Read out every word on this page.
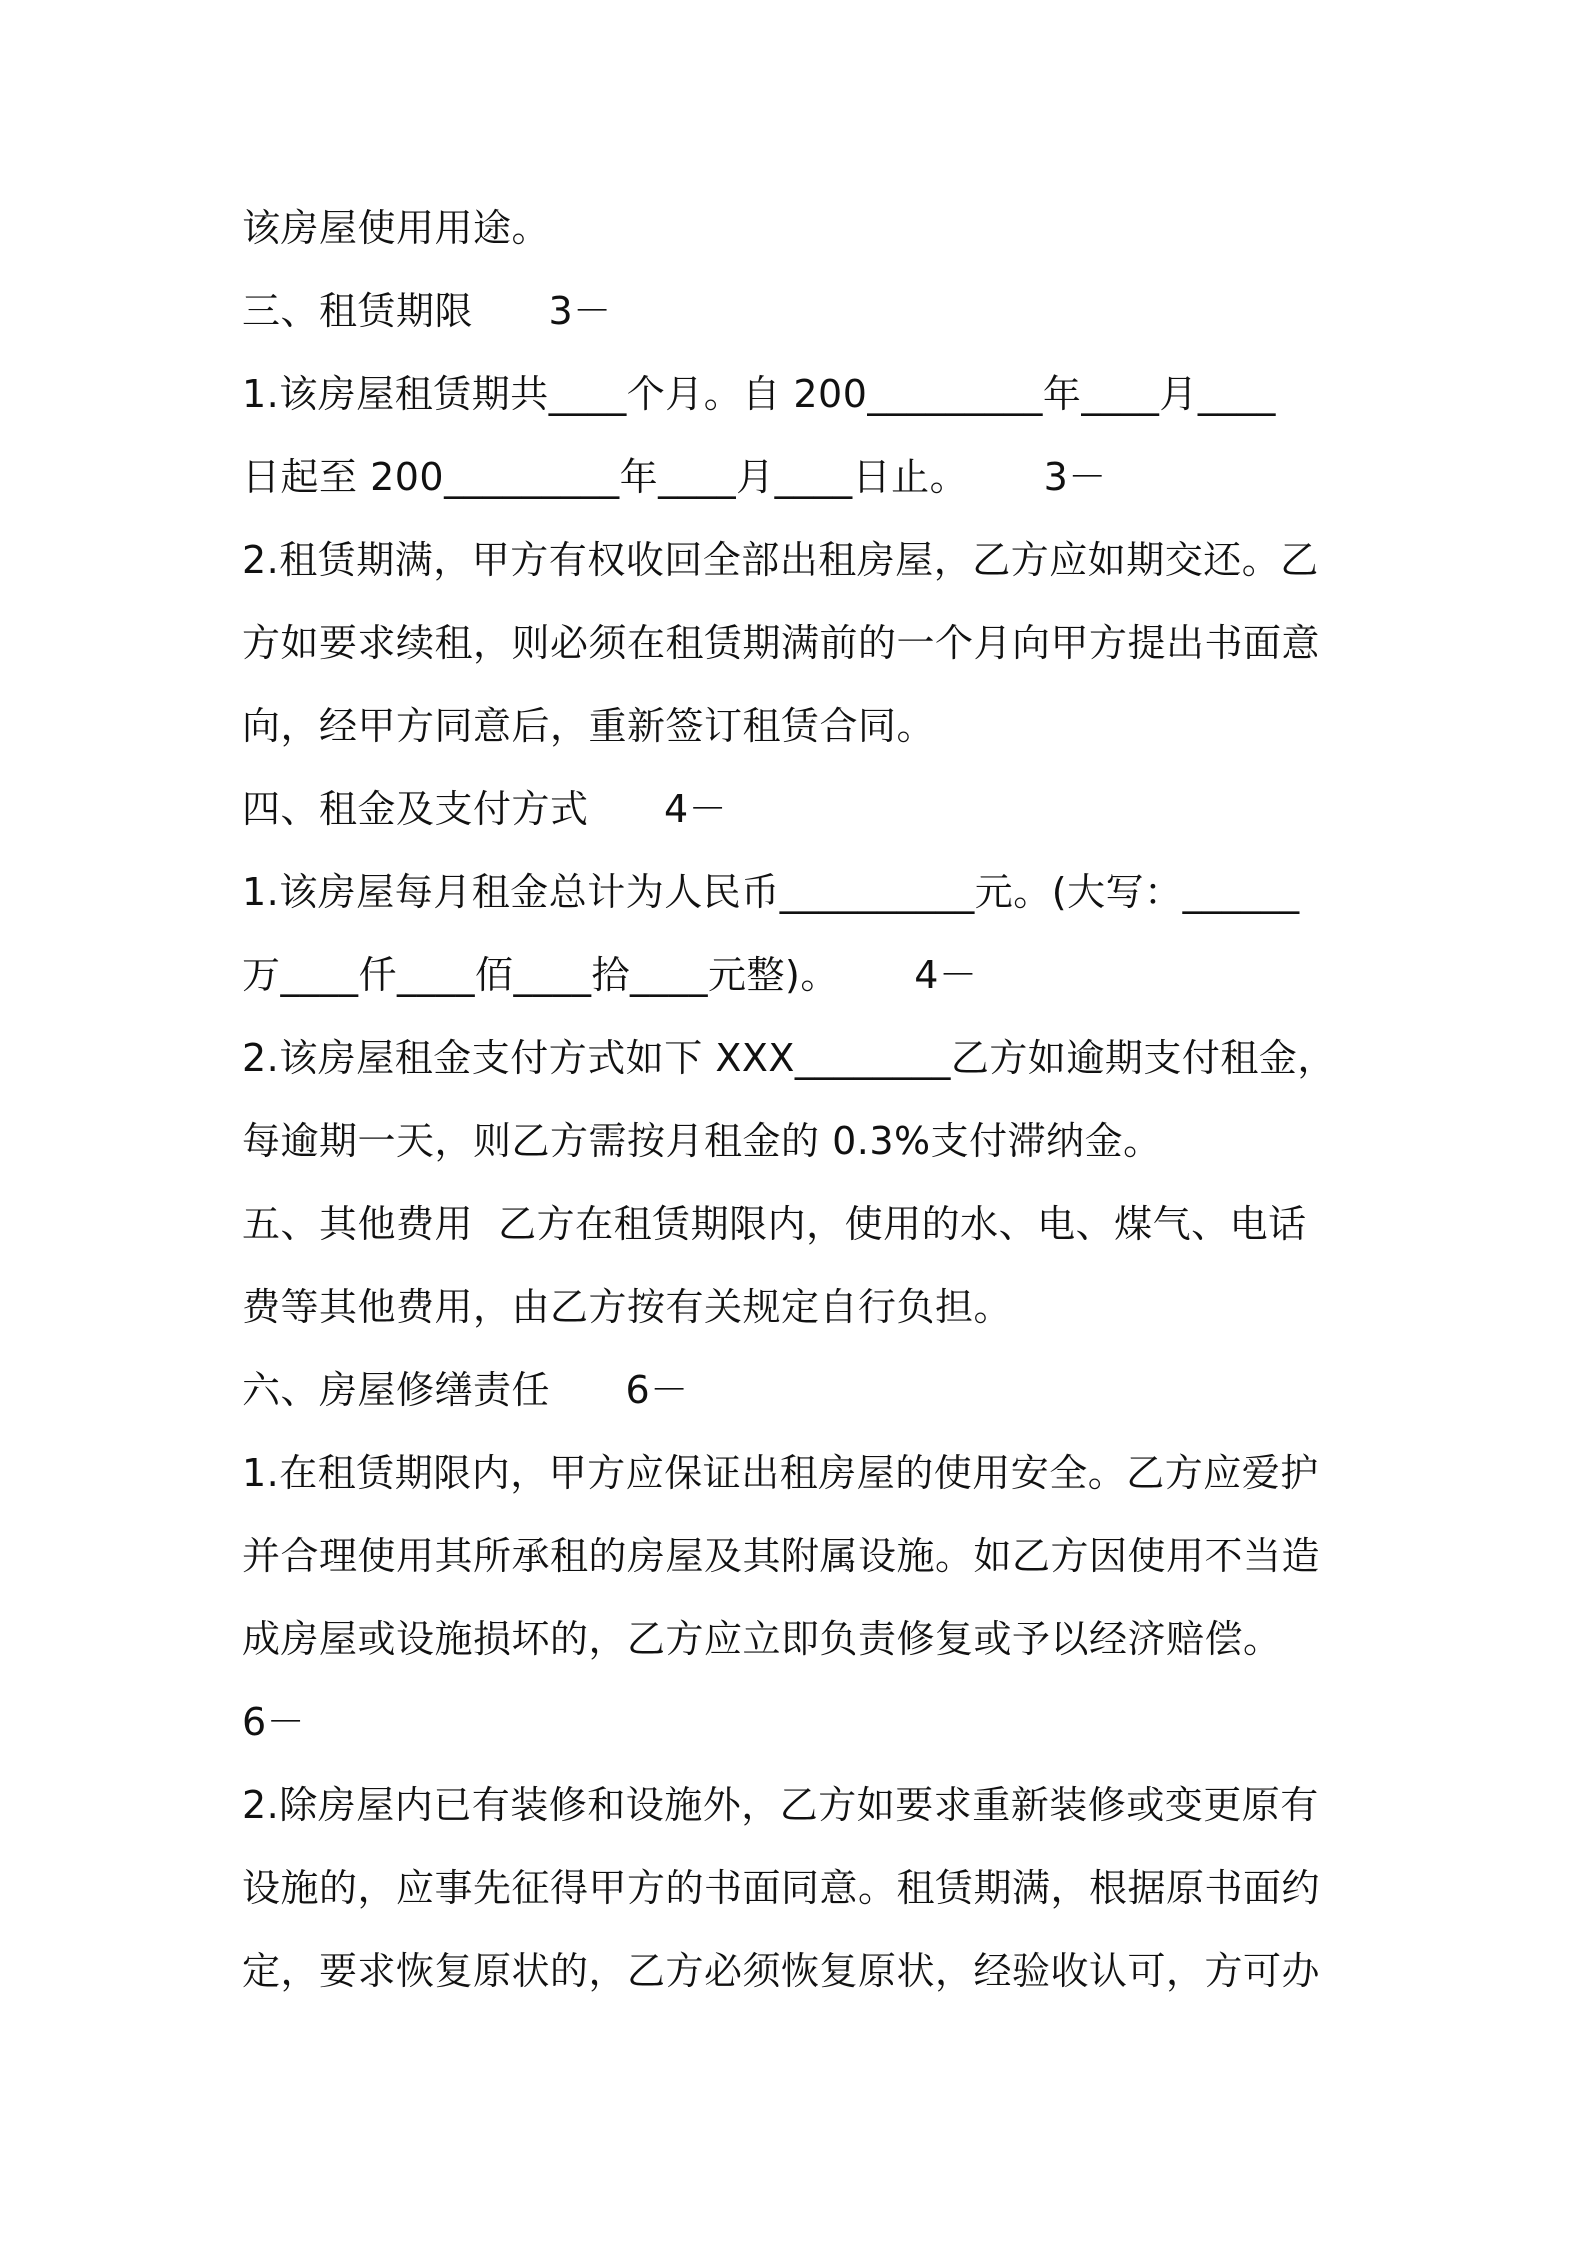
该房屋使用用途。
三、租赁期限      3－
1.该房屋租赁期共____个月。自 200_________年____月____
日起至 200_________年____月____日止。      3－
2.租赁期满，甲方有权收回全部出租房屋，乙方应如期交还。乙
方如要求续租，则必须在租赁期满前的一个月向甲方提出书面意
向，经甲方同意后，重新签订租赁合同。
四、租金及支付方式      4－
1.该房屋每月租金总计为人民币__________元。(大写：______
万____仟____佰____拾____元整)。      4－
2.该房屋租金支付方式如下 XXX________乙方如逾期支付租金，
每逾期一天，则乙方需按月租金的 0.3%支付滞纳金。
五、其他费用  乙方在租赁期限内，使用的水、电、煤气、电话
费等其他费用，由乙方按有关规定自行负担。
六、房屋修缮责任      6－
1.在租赁期限内，甲方应保证出租房屋的使用安全。乙方应爱护
并合理使用其所承租的房屋及其附属设施。如乙方因使用不当造
成房屋或设施损坏的，乙方应立即负责修复或予以经济赔偿。
6－
2.除房屋内已有装修和设施外，乙方如要求重新装修或变更原有
设施的，应事先征得甲方的书面同意。租赁期满，根据原书面约
定，要求恢复原状的，乙方必须恢复原状，经验收认可，方可办
